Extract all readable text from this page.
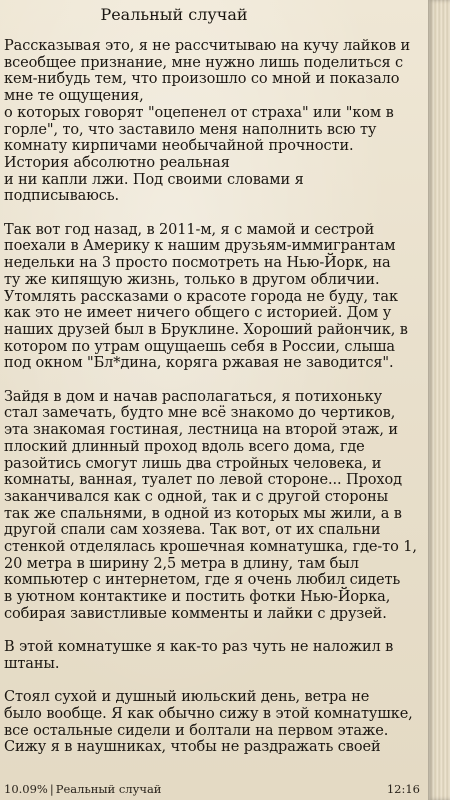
Реальный случай

Рассказывая это, я не рассчитываю на кучу лайков и
всеобщее признание, мне нужно лишь поделиться с
кем-нибудь тем, что произошло со мной и показало
мне те ощущения,
о которых говорят "оцепенел от страха" или "ком в
горле", то, что заставило меня наполнить всю ту
комнату кирпичами необычайной прочности.
История абсолютно реальная
и ни капли лжи. Под своими словами я
подписываюсь.

Так вот год назад, в 2011-м, я с мамой и сестрой
поехали в Америку к нашим друзьям-иммигрантам
недельки на 3 просто посмотреть на Нью-Йорк, на
ту же кипящую жизнь, только в другом обличии.
Утомлять рассказами о красоте города не буду, так
как это не имеет ничего общего с историей. Дом у
наших друзей был в Бруклине. Хороший райончик, в
котором по утрам ощущаешь себя в России, слыша
под окном "Бл*дина, коряга ржавая не заводится".

Зайдя в дом и начав располагаться, я потихоньку
стал замечать, будто мне всё знакомо до чертиков,
эта знакомая гостиная, лестница на второй этаж, и
плоский длинный проход вдоль всего дома, где
разойтись смогут лишь два стройных человека, и
комнаты, ванная, туалет по левой стороне... Проход
заканчивался как с одной, так и с другой стороны
так же спальнями, в одной из которых мы жили, а в
другой спали сам хозяева. Так вот, от их спальни
стенкой отделялась крошечная комнатушка, где-то 1,
20 метра в ширину 2,5 метра в длину, там был
компьютер с интернетом, где я очень любил сидеть
в уютном контактике и постить фотки Нью-Йорка,
собирая завистливые комменты и лайки с друзей.

В этой комнатушке я как-то раз чуть не наложил в
штаны.

Стоял сухой и душный июльский день, ветра не
было вообще. Я как обычно сижу в этой комнатушке,
все остальные сидели и болтали на первом этаже.
Сижу я в наушниках, чтобы не раздражать своей

10.09% | Реальный случай	12:16
